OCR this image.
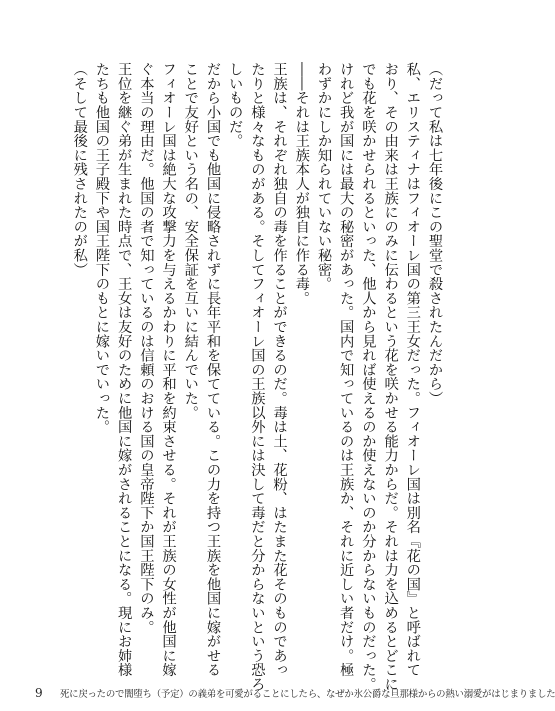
（だって私は七年後にこの聖堂で殺されたんだから）

私、エリスティナはフィオーレ国の第三王女だった。フィオーレ国は別名『花の国』と呼ばれて

おり、その由来は王族にのみに伝わるという花を咲かせる能力からだ。それは力を込めるとどこに

でも花を咲かせられるといった、他人から見れば使えるのか使えないのか分からないものだった。

けれど我が国には最大の秘密があった。国内で知っているのは王族か、それに近しい者だけ。極

わずかにしか知られていない秘密。

――それは王族本人が独自に作る毒。

王族は、それぞれ独自の毒を作ることができるのだ。毒は土、花粉、はたまた花そのものであっ

たりと様々なものがある。そしてフィオーレ国の王族以外には決して毒だと分からないという恐ろ

しいものだ。

だから小国でも他国に侵略されずに長年平和を保てている。この力を持つ王族を他国に嫁がせる

ことで友好という名の、安全保証を互いに結んでいた。

フィオーレ国は絶大な攻撃力を与えるかわりに平和を約束させる。それが王族の女性が他国に嫁

ぐ本当の理由だ。他国の者で知っているのは信頼のおける国の皇帝陛下か国王陛下のみ。

王位を継ぐ弟が生まれた時点で、王女は友好のために他国に嫁がされることになる。現にお姉様

たちも他国の王子殿下や国王陛下のもとに嫁いでいった。

（そして最後に残されたのが私）

9 死に戻ったので闇堕ち（予定）の義弟を可愛がることにしたら、なぜか氷公爵な旦那様からの熱い溺愛がはじまりました
